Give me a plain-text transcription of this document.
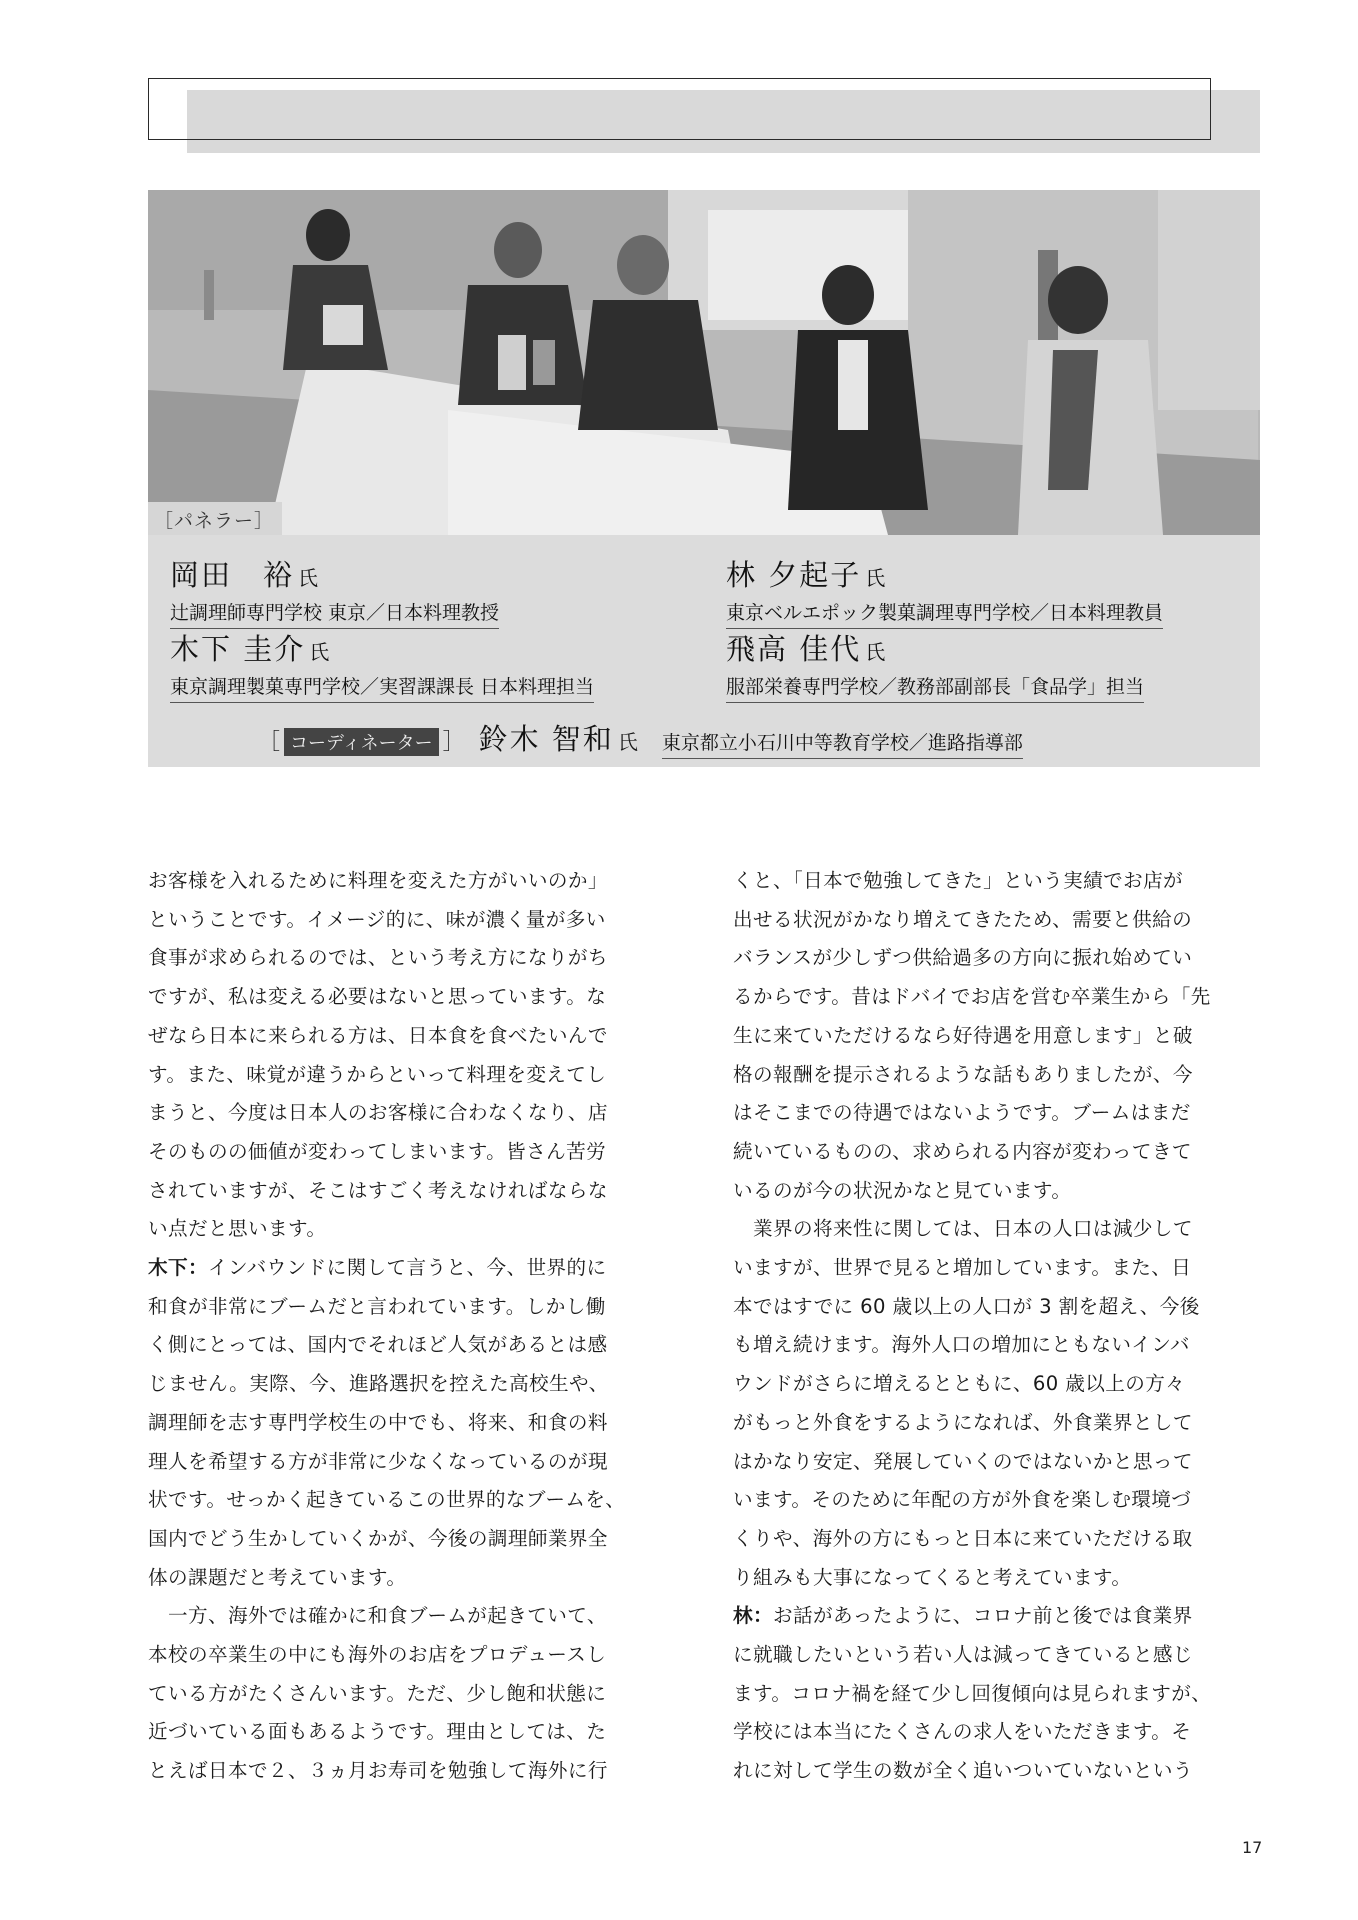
［パネラー］
岡田　裕 氏
辻調理師専門学校 東京／日本料理教授
木下 圭介 氏
東京調理製菓専門学校／実習課課長 日本料理担当
林 夕起子 氏
東京ベルエポック製菓調理専門学校／日本料理教員
飛高 佳代 氏
服部栄養専門学校／教務部副部長「食品学」担当
［ コーディネーター ］ 鈴木 智和 氏 東京都立小石川中等教育学校／進路指導部

お客様を入れるために料理を変えた方がいいのか」

ということです。イメージ的に、味が濃く量が多い

食事が求められるのでは、という考え方になりがち

ですが、私は変える必要はないと思っています。な

ぜなら日本に来られる方は、日本食を食べたいんで

す。また、味覚が違うからといって料理を変えてし

まうと、今度は日本人のお客様に合わなくなり、店

そのものの価値が変わってしまいます。皆さん苦労

されていますが、そこはすごく考えなければならな

い点だと思います。

木下：インバウンドに関して言うと、今、世界的に

和食が非常にブームだと言われています。しかし働

く側にとっては、国内でそれほど人気があるとは感

じません。実際、今、進路選択を控えた高校生や、

調理師を志す専門学校生の中でも、将来、和食の料

理人を希望する方が非常に少なくなっているのが現

状です。せっかく起きているこの世界的なブームを、

国内でどう生かしていくかが、今後の調理師業界全

体の課題だと考えています。

　一方、海外では確かに和食ブームが起きていて、

本校の卒業生の中にも海外のお店をプロデュースし

ている方がたくさんいます。ただ、少し飽和状態に

近づいている面もあるようです。理由としては、た

とえば日本で２、３ヵ月お寿司を勉強して海外に行

くと、「日本で勉強してきた」という実績でお店が

出せる状況がかなり増えてきたため、需要と供給の

バランスが少しずつ供給過多の方向に振れ始めてい

るからです。昔はドバイでお店を営む卒業生から「先

生に来ていただけるなら好待遇を用意します」と破

格の報酬を提示されるような話もありましたが、今

はそこまでの待遇ではないようです。ブームはまだ

続いているものの、求められる内容が変わってきて

いるのが今の状況かなと見ています。

　業界の将来性に関しては、日本の人口は減少して

いますが、世界で見ると増加しています。また、日

本ではすでに 60 歳以上の人口が 3 割を超え、今後

も増え続けます。海外人口の増加にともないインバ

ウンドがさらに増えるとともに、60 歳以上の方々

がもっと外食をするようになれば、外食業界として

はかなり安定、発展していくのではないかと思って

います。そのために年配の方が外食を楽しむ環境づ

くりや、海外の方にもっと日本に来ていただける取

り組みも大事になってくると考えています。

林：お話があったように、コロナ前と後では食業界

に就職したいという若い人は減ってきていると感じ

ます。コロナ禍を経て少し回復傾向は見られますが、

学校には本当にたくさんの求人をいただきます。そ

れに対して学生の数が全く追いついていないという

17
